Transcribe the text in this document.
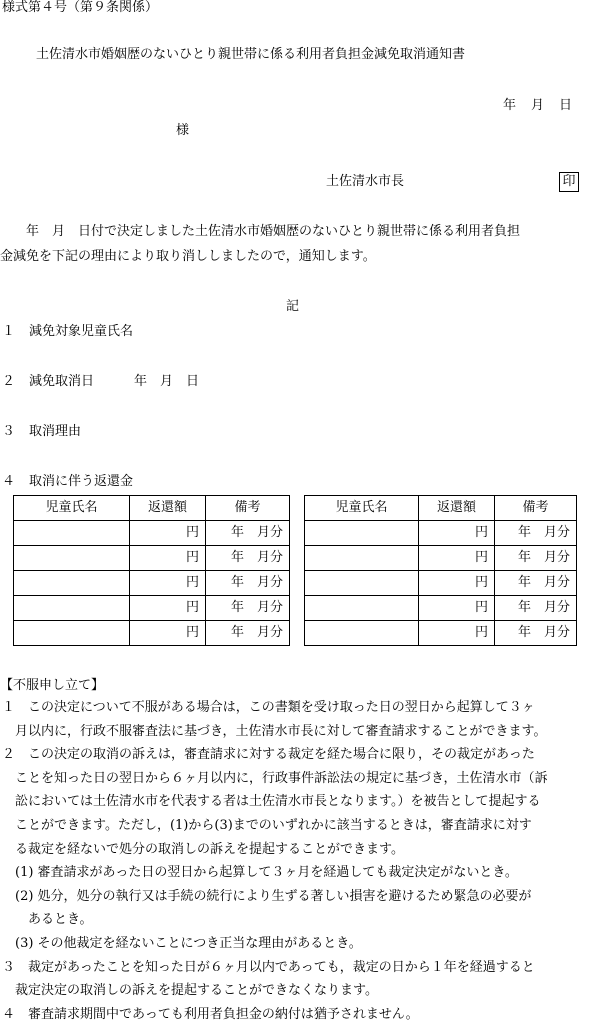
様式第４号（第９条関係）
土佐清水市婚姻歴のないひとり親世帯に係る利用者負担金減免取消通知書
年　月　日
様
土佐清水市長	印
　　年　月　日付で決定しました土佐清水市婚姻歴のないひとり親世帯に係る利用者負担
金減免を下記の理由により取り消ししましたので，通知します。
記
１ 減免対象児童氏名
２ 減免取消日	年　月　日
３ 取消理由
４ 取消に伴う返還金
児童氏名	返還額	備考
	円	年　月分
	円	年　月分
	円	年　月分
	円	年　月分
	円	年　月分
児童氏名	返還額	備考
	円	年　月分
	円	年　月分
	円	年　月分
	円	年　月分
	円	年　月分
【不服申し立て】
１　この決定について不服がある場合は，この書類を受け取った日の翌日から起算して３ヶ
　月以内に，行政不服審査法に基づき，土佐清水市長に対して審査請求することができます。
２　この決定の取消の訴えは，審査請求に対する裁定を経た場合に限り，その裁定があった
　ことを知った日の翌日から６ヶ月以内に，行政事件訴訟法の規定に基づき，土佐清水市（訴
　訟においては土佐清水市を代表する者は土佐清水市長となります。）を被告として提起する
　ことができます。ただし，(1)から(3)までのいずれかに該当するときは，審査請求に対す
　る裁定を経ないで処分の取消しの訴えを提起することができます。
　(1) 審査請求があった日の翌日から起算して３ヶ月を経過しても裁定決定がないとき。
　(2) 処分，処分の執行又は手続の続行により生ずる著しい損害を避けるため緊急の必要が
　　あるとき。
　(3) その他裁定を経ないことにつき正当な理由があるとき。
３　裁定があったことを知った日が６ヶ月以内であっても，裁定の日から１年を経過すると
　裁定決定の取消しの訴えを提起することができなくなります。
４　審査請求期間中であっても利用者負担金の納付は猶予されません。
